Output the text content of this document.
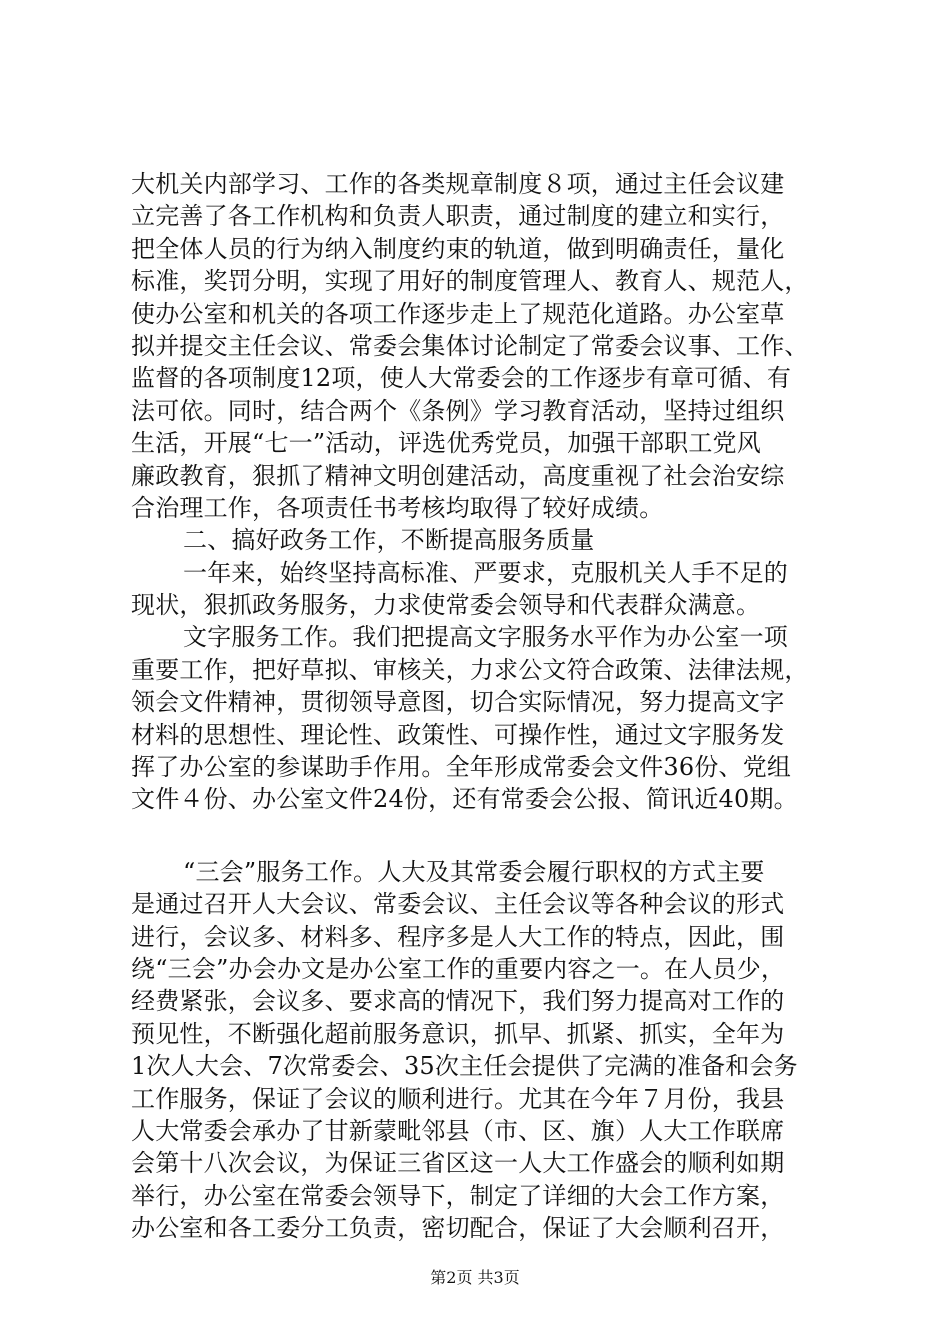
大机关内部学习、工作的各类规章制度８项，通过主任会议建
立完善了各工作机构和负责人职责，通过制度的建立和实行，
把全体人员的行为纳入制度约束的轨道，做到明确责任，量化
标准，奖罚分明，实现了用好的制度管理人、教育人、规范人，
使办公室和机关的各项工作逐步走上了规范化道路。办公室草
拟并提交主任会议、常委会集体讨论制定了常委会议事、工作、
监督的各项制度12项，使人大常委会的工作逐步有章可循、有
法可依。同时，结合两个《条例》学习教育活动，坚持过组织
生活，开展“七一”活动，评选优秀党员，加强干部职工党风
廉政教育，狠抓了精神文明创建活动，高度重视了社会治安综
合治理工作，各项责任书考核均取得了较好成绩。
二、搞好政务工作，不断提高服务质量
一年来，始终坚持高标准、严要求，克服机关人手不足的
现状，狠抓政务服务，力求使常委会领导和代表群众满意。
文字服务工作。我们把提高文字服务水平作为办公室一项
重要工作，把好草拟、审核关，力求公文符合政策、法律法规，
领会文件精神，贯彻领导意图，切合实际情况，努力提高文字
材料的思想性、理论性、政策性、可操作性，通过文字服务发
挥了办公室的参谋助手作用。全年形成常委会文件36份、党组
文件４份、办公室文件24份，还有常委会公报、简讯近40期。
“三会”服务工作。人大及其常委会履行职权的方式主要
是通过召开人大会议、常委会议、主任会议等各种会议的形式
进行，会议多、材料多、程序多是人大工作的特点，因此，围
绕“三会”办会办文是办公室工作的重要内容之一。在人员少，
经费紧张，会议多、要求高的情况下，我们努力提高对工作的
预见性，不断强化超前服务意识，抓早、抓紧、抓实，全年为
1次人大会、7次常委会、35次主任会提供了完满的准备和会务
工作服务，保证了会议的顺利进行。尤其在今年７月份，我县
人大常委会承办了甘新蒙毗邻县（市、区、旗）人大工作联席
会第十八次会议，为保证三省区这一人大工作盛会的顺利如期
举行，办公室在常委会领导下，制定了详细的大会工作方案，
办公室和各工委分工负责，密切配合，保证了大会顺利召开，
第2页 共3页
